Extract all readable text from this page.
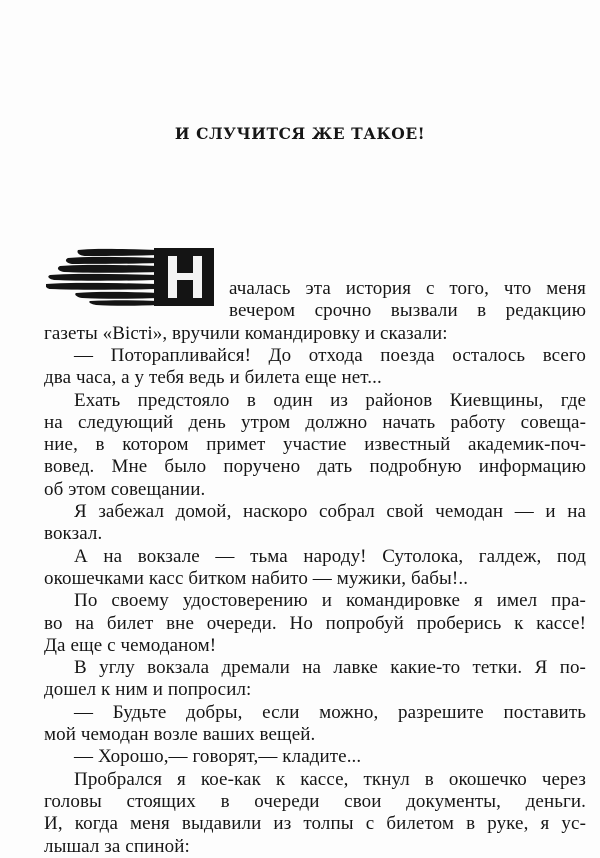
И СЛУЧИТСЯ ЖЕ ТАКОЕ!
ачалась эта история с того, что меня
вечером срочно вызвали в редакцию
газеты «Вісті», вручили командировку и сказали:
— Поторапливайся! До отхода поезда осталось всего
два часа, а у тебя ведь и билета еще нет...
Ехать предстояло в один из районов Киевщины, где
на следующий день утром должно начать работу совеща-
ние, в котором примет участие известный академик-поч-
вовед. Мне было поручено дать подробную информацию
об этом совещании.
Я забежал домой, наскоро собрал свой чемодан — и на
вокзал.
А на вокзале — тьма народу! Сутолока, галдеж, под
окошечками касс битком набито — мужики, бабы!..
По своему удостоверению и командировке я имел пра-
во на билет вне очереди. Но попробуй проберись к кассе!
Да еще с чемоданом!
В углу вокзала дремали на лавке какие-то тетки. Я по-
дошел к ним и попросил:
— Будьте добры, если можно, разрешите поставить
мой чемодан возле ваших вещей.
— Хорошо,— говорят,— кладите...
Пробрался я кое-как к кассе, ткнул в окошечко через
головы стоящих в очереди свои документы, деньги.
И, когда меня выдавили из толпы с билетом в руке, я ус-
лышал за спиной:
